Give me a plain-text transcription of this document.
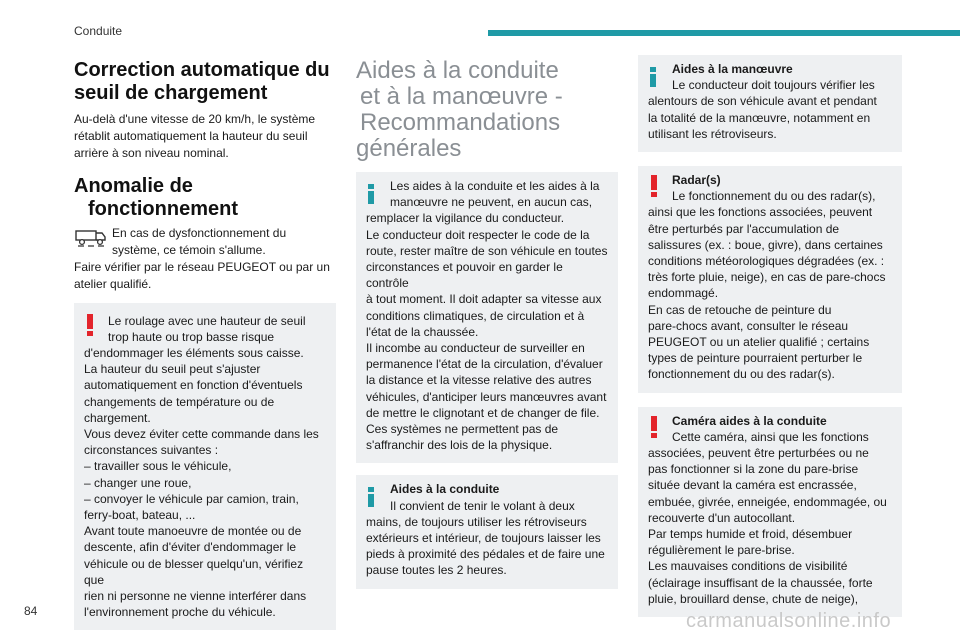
Conduite
Correction automatique du
seuil de chargement
Au-delà d'une vitesse de 20 km/h, le système
rétablit automatiquement la hauteur du seuil
arrière à son niveau nominal.
Anomalie de
fonctionnement
En cas de dysfonctionnement du
système, ce témoin s'allume.
Faire vérifier par le réseau PEUGEOT ou par un
atelier qualifié.
Le roulage avec une hauteur de seuil
trop haute ou trop basse risque
d'endommager les éléments sous caisse.
La hauteur du seuil peut s'ajuster
automatiquement en fonction d'éventuels
changements de température ou de
chargement.
Vous devez éviter cette commande dans les
circonstances suivantes :
– travailler sous le véhicule,
– changer une roue,
– convoyer le véhicule par camion, train,
ferry-boat, bateau, ...
Avant toute manoeuvre de montée ou de
descente, afin d'éviter d'endommager le
véhicule ou de blesser quelqu'un, vérifiez que
rien ni personne ne vienne interférer dans
l'environnement proche du véhicule.
Aides à la conduite
et à la manœuvre -
Recommandations
générales
Les aides à la conduite et les aides à la
manœuvre ne peuvent, en aucun cas,
remplacer la vigilance du conducteur.
Le conducteur doit respecter le code de la
route, rester maître de son véhicule en toutes
circonstances et pouvoir en garder le contrôle
à tout moment. Il doit adapter sa vitesse aux
conditions climatiques, de circulation et à
l'état de la chaussée.
Il incombe au conducteur de surveiller en
permanence l'état de la circulation, d'évaluer
la distance et la vitesse relative des autres
véhicules, d'anticiper leurs manœuvres avant
de mettre le clignotant et de changer de file.
Ces systèmes ne permettent pas de
s'affranchir des lois de la physique.
Aides à la conduite
Il convient de tenir le volant à deux
mains, de toujours utiliser les rétroviseurs
extérieurs et intérieur, de toujours laisser les
pieds à proximité des pédales et de faire une
pause toutes les 2 heures.
Aides à la manœuvre
Le conducteur doit toujours vérifier les
alentours de son véhicule avant et pendant
la totalité de la manœuvre, notamment en
utilisant les rétroviseurs.
Radar(s)
Le fonctionnement du ou des radar(s),
ainsi que les fonctions associées, peuvent
être perturbés par l'accumulation de
salissures (ex. : boue, givre), dans certaines
conditions météorologiques dégradées (ex. :
très forte pluie, neige), en cas de pare-chocs
endommagé.
En cas de retouche de peinture du
pare-chocs avant, consulter le réseau
PEUGEOT ou un atelier qualifié ; certains
types de peinture pourraient perturber le
fonctionnement du ou des radar(s).
Caméra aides à la conduite
Cette caméra, ainsi que les fonctions
associées, peuvent être perturbées ou ne
pas fonctionner si la zone du pare-brise
située devant la caméra est encrassée,
embuée, givrée, enneigée, endommagée, ou
recouverte d'un autocollant.
Par temps humide et froid, désembuer
régulièrement le pare-brise.
Les mauvaises conditions de visibilité
(éclairage insuffisant de la chaussée, forte
pluie, brouillard dense, chute de neige),
84	carmanualsonline.info
